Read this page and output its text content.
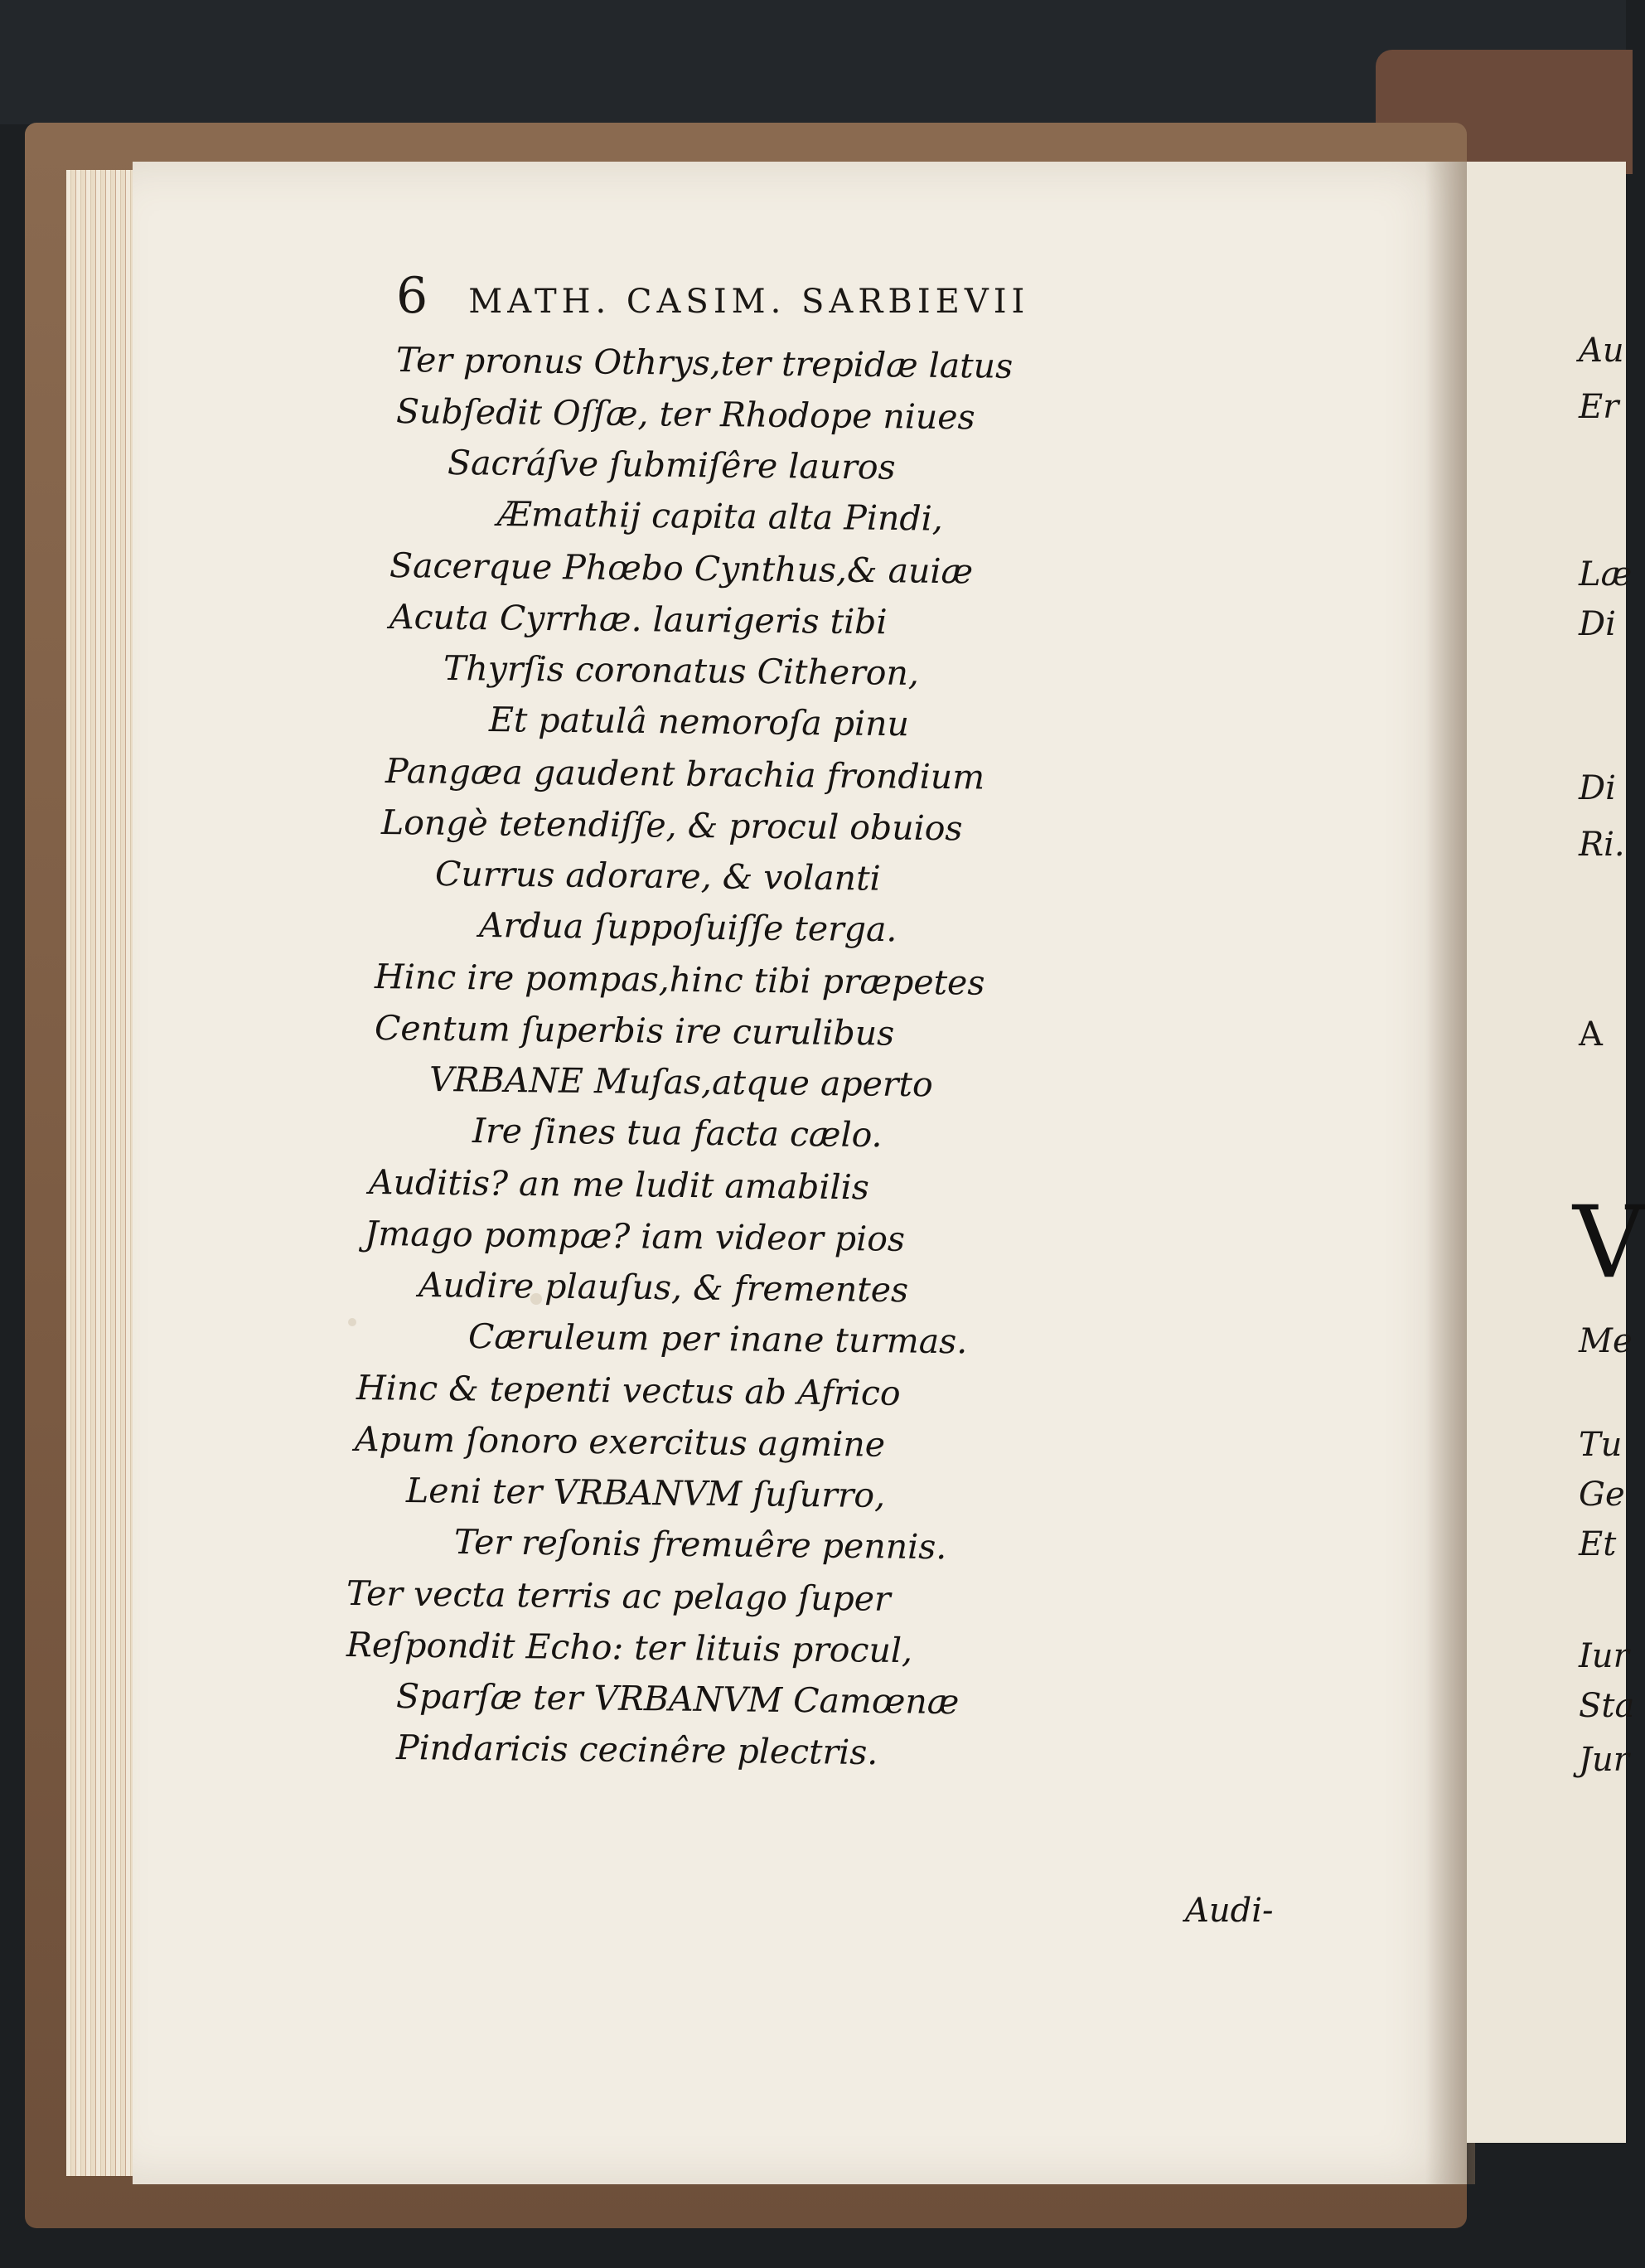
Au
Er
Læ
Di
Di
Ri.
A
V
Me
Tu
Ge
Et
Iur
Sta
Jur
6 MATH. CASIM. SARBIEVII
Ter pronus Othrys,ter trepidæ latus
Subſedit Oſſæ, ter Rhodope niues
Sacráſve ſubmiſêre lauros
Æmathij capita alta Pindi,
Sacerque Phœbo Cynthus,& auiæ
Acuta Cyrrhæ. laurigeris tibi
Thyrſis coronatus Citheron,
Et patulâ nemoroſa pinu
Pangæa gaudent brachia frondium
Longè tetendiſſe, & procul obuios
Currus adorare, & volanti
Ardua ſuppoſuiſſe terga.
Hinc ire pompas,hinc tibi præpetes
Centum ſuperbis ire curulibus
VRBANE Muſas,atque aperto
Ire ſines tua facta cælo.
Auditis? an me ludit amabilis
Jmago pompæ? iam videor pios
Audire plauſus, & frementes
Cæruleum per inane turmas.
Hinc & tepenti vectus ab Africo
Apum ſonoro exercitus agmine
Leni ter VRBANVM ſuſurro,
Ter reſonis fremuêre pennis.
Ter vecta terris ac pelago ſuper
Reſpondit Echo: ter lituis procul,
Sparſæ ter VRBANVM Camœnæ
Pindaricis cecinêre plectris.
Audi-
